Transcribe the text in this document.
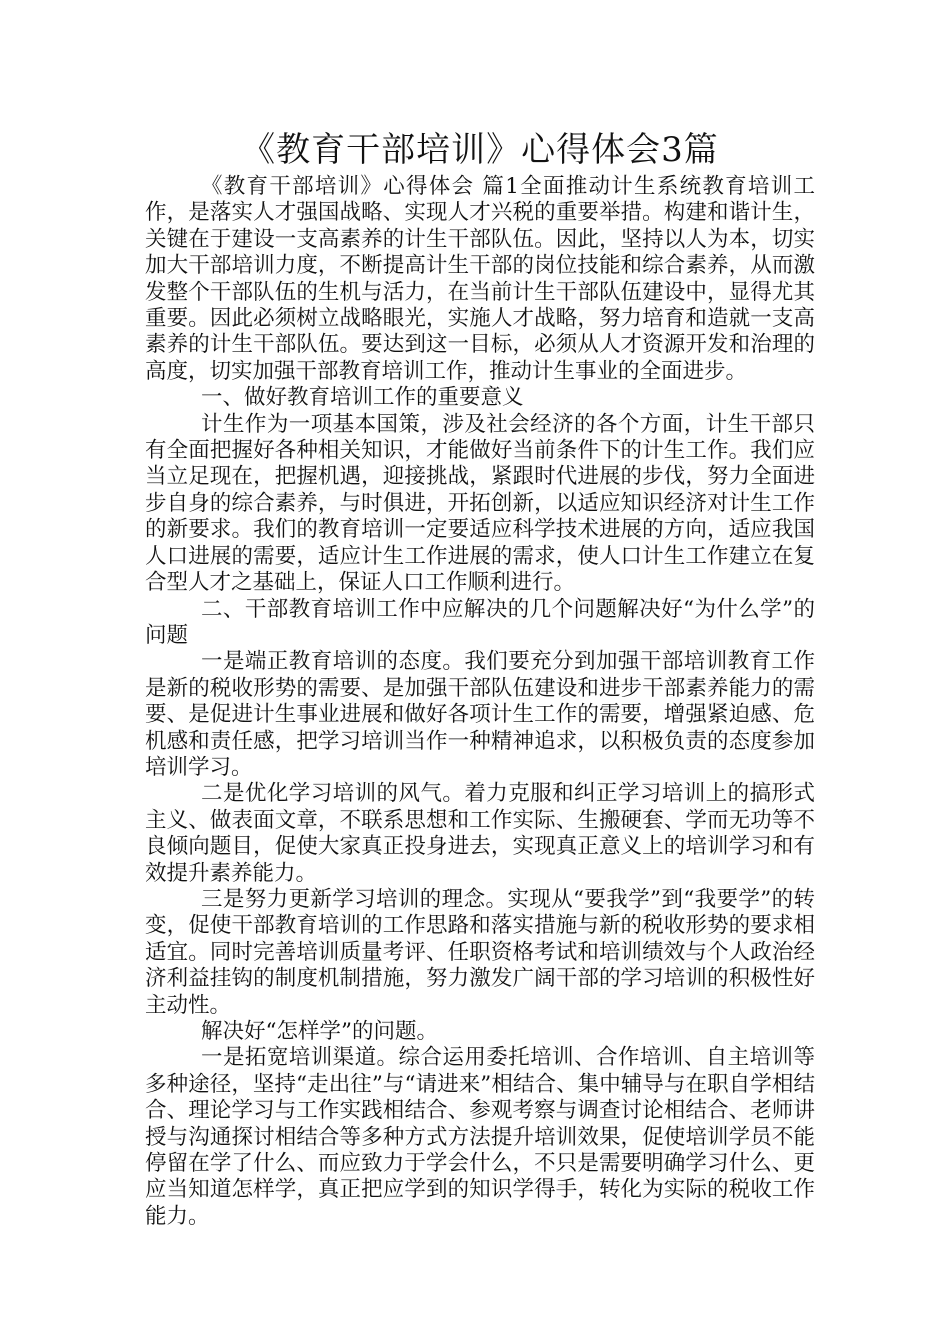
《教育干部培训》心得体会3篇

《教育干部培训》心得体会 篇1全面推动计生系统教育培训工作，是落实人才强国战略、实现人才兴税的重要举措。构建和谐计生，关键在于建设一支高素养的计生干部队伍。因此，坚持以人为本，切实加大干部培训力度，不断提高计生干部的岗位技能和综合素养，从而激发整个干部队伍的生机与活力，在当前计生干部队伍建设中，显得尤其重要。因此必须树立战略眼光，实施人才战略，努力培育和造就一支高素养的计生干部队伍。要达到这一目标，必须从人才资源开发和治理的高度，切实加强干部教育培训工作，推动计生事业的全面进步。

一、做好教育培训工作的重要意义

计生作为一项基本国策，涉及社会经济的各个方面，计生干部只有全面把握好各种相关知识，才能做好当前条件下的计生工作。我们应当立足现在，把握机遇，迎接挑战，紧跟时代进展的步伐，努力全面进步自身的综合素养，与时俱进，开拓创新，以适应知识经济对计生工作的新要求。我们的教育培训一定要适应科学技术进展的方向，适应我国人口进展的需要，适应计生工作进展的需求，使人口计生工作建立在复合型人才之基础上，保证人口工作顺利进行。

二、干部教育培训工作中应解决的几个问题解决好“为什么学”的问题

一是端正教育培训的态度。我们要充分到加强干部培训教育工作是新的税收形势的需要、是加强干部队伍建设和进步干部素养能力的需要、是促进计生事业进展和做好各项计生工作的需要，增强紧迫感、危机感和责任感，把学习培训当作一种精神追求，以积极负责的态度参加培训学习。

二是优化学习培训的风气。着力克服和纠正学习培训上的搞形式主义、做表面文章，不联系思想和工作实际、生搬硬套、学而无功等不良倾向题目，促使大家真正投身进去，实现真正意义上的培训学习和有效提升素养能力。

三是努力更新学习培训的理念。实现从“要我学”到“我要学”的转变，促使干部教育培训的工作思路和落实措施与新的税收形势的要求相适宜。同时完善培训质量考评、任职资格考试和培训绩效与个人政治经济利益挂钩的制度机制措施，努力激发广阔干部的学习培训的积极性好主动性。

解决好“怎样学”的问题。

一是拓宽培训渠道。综合运用委托培训、合作培训、自主培训等多种途径，坚持“走出往”与“请进来”相结合、集中辅导与在职自学相结合、理论学习与工作实践相结合、参观考察与调查讨论相结合、老师讲授与沟通探讨相结合等多种方式方法提升培训效果，促使培训学员不能停留在学了什么、而应致力于学会什么，不只是需要明确学习什么、更应当知道怎样学，真正把应学到的知识学得手，转化为实际的税收工作能力。
